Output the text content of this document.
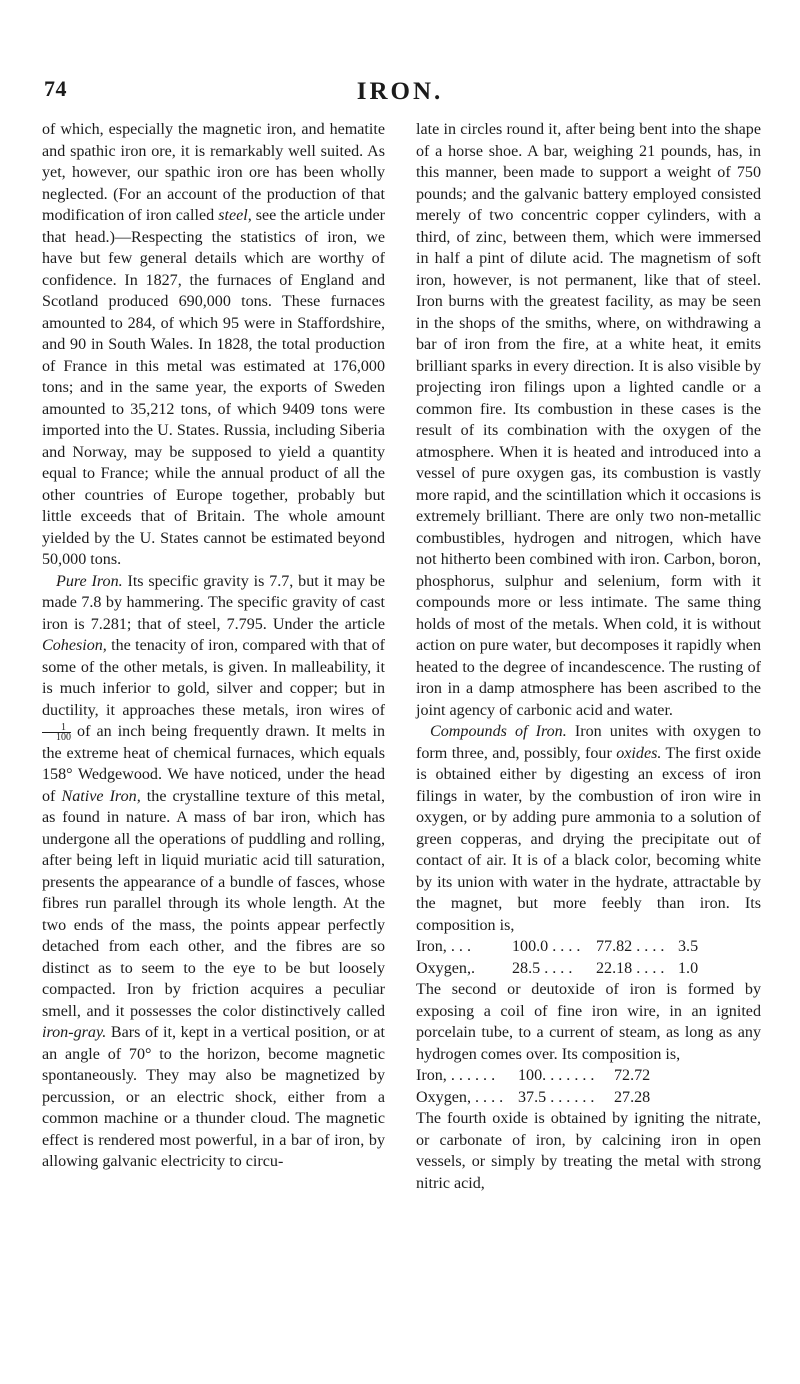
74	IRON.

of which, especially the magnetic iron, and hematite and spathic iron ore, it is remarkably well suited. As yet, however, our spathic iron ore has been wholly neglected. (For an account of the production of that modification of iron called steel, see the article under that head.)—Respecting the statistics of iron, we have but few general details which are worthy of confidence. In 1827, the furnaces of England and Scotland produced 690,000 tons. These furnaces amounted to 284, of which 95 were in Staffordshire, and 90 in South Wales. In 1828, the total production of France in this metal was estimated at 176,000 tons; and in the same year, the exports of Sweden amounted to 35,212 tons, of which 9409 tons were imported into the U. States. Russia, including Siberia and Norway, may be supposed to yield a quantity equal to France; while the annual product of all the other countries of Europe together, probably but little exceeds that of Britain. The whole amount yielded by the U. States cannot be estimated beyond 50,000 tons.

Pure Iron. Its specific gravity is 7.7, but it may be made 7.8 by hammering. The specific gravity of cast iron is 7.281; that of steel, 7.795. Under the article Cohesion, the tenacity of iron, compared with that of some of the other metals, is given. In malleability, it is much inferior to gold, silver and copper; but in ductility, it approaches these metals, iron wires of
$\frac{1}{100}$ of an inch being frequently drawn. It melts in the extreme heat of chemical furnaces, which equals 158° Wedgewood. We have noticed, under the head of Native Iron, the crystalline texture of this metal, as found in nature. A mass of bar iron, which has undergone all the operations of puddling and rolling, after being left in liquid muriatic acid till saturation, presents the appearance of a bundle of fasces, whose fibres run parallel through its whole length. At the two ends of the mass, the points appear perfectly detached from each other, and the fibres are so distinct as to seem to the eye to be but loosely compacted. Iron by friction acquires a peculiar smell, and it possesses the color distinctively called iron-gray. Bars of it, kept in a vertical position, or at an angle of 70° to the horizon, become magnetic spontaneously. They may also be magnetized by percussion, or an electric shock, either from a common machine or a thunder cloud. The magnetic effect is rendered most powerful, in a bar of iron, by allowing galvanic electricity to circu-

late in circles round it, after being bent into the shape of a horse shoe. A bar, weighing 21 pounds, has, in this manner, been made to support a weight of 750 pounds; and the galvanic battery employed consisted merely of two concentric copper cylinders, with a third, of zinc, between them, which were immersed in half a pint of dilute acid. The magnetism of soft iron, however, is not permanent, like that of steel. Iron burns with the greatest facility, as may be seen in the shops of the smiths, where, on withdrawing a bar of iron from the fire, at a white heat, it emits brilliant sparks in every direction. It is also visible by projecting iron filings upon a lighted candle or a common fire. Its combustion in these cases is the result of its combination with the oxygen of the atmosphere. When it is heated and introduced into a vessel of pure oxygen gas, its combustion is vastly more rapid, and the scintillation which it occasions is extremely brilliant. There are only two non-metallic combustibles, hydrogen and nitrogen, which have not hitherto been combined with iron. Carbon, boron, phosphorus, sulphur and selenium, form with it compounds more or less intimate. The same thing holds of most of the metals. When cold, it is without action on pure water, but decomposes it rapidly when heated to the degree of incandescence. The rusting of iron in a damp atmosphere has been ascribed to the joint agency of carbonic acid and water.

Compounds of Iron. Iron unites with oxygen to form three, and, possibly, four oxides. The first oxide is obtained either by digesting an excess of iron filings in water, by the combustion of iron wire in oxygen, or by adding pure ammonia to a solution of green copperas, and drying the precipitate out of contact of air. It is of a black color, becoming white by its union with water in the hydrate, attractable by the magnet, but more feebly than iron. Its composition is,

Iron, . . .	100.0 . . . .	77.82 . . . .	3.5
Oxygen,.	28.5 . . . .	22.18 . . . .	1.0

The second or deutoxide of iron is formed by exposing a coil of fine iron wire, in an ignited porcelain tube, to a current of steam, as long as any hydrogen comes over. Its composition is,

Iron, . . . . . .	100. . . . . . .	72.72
Oxygen, . . . .	37.5 . . . . . .	27.28

The fourth oxide is obtained by igniting the nitrate, or carbonate of iron, by calcining iron in open vessels, or simply by treating the metal with strong nitric acid,
